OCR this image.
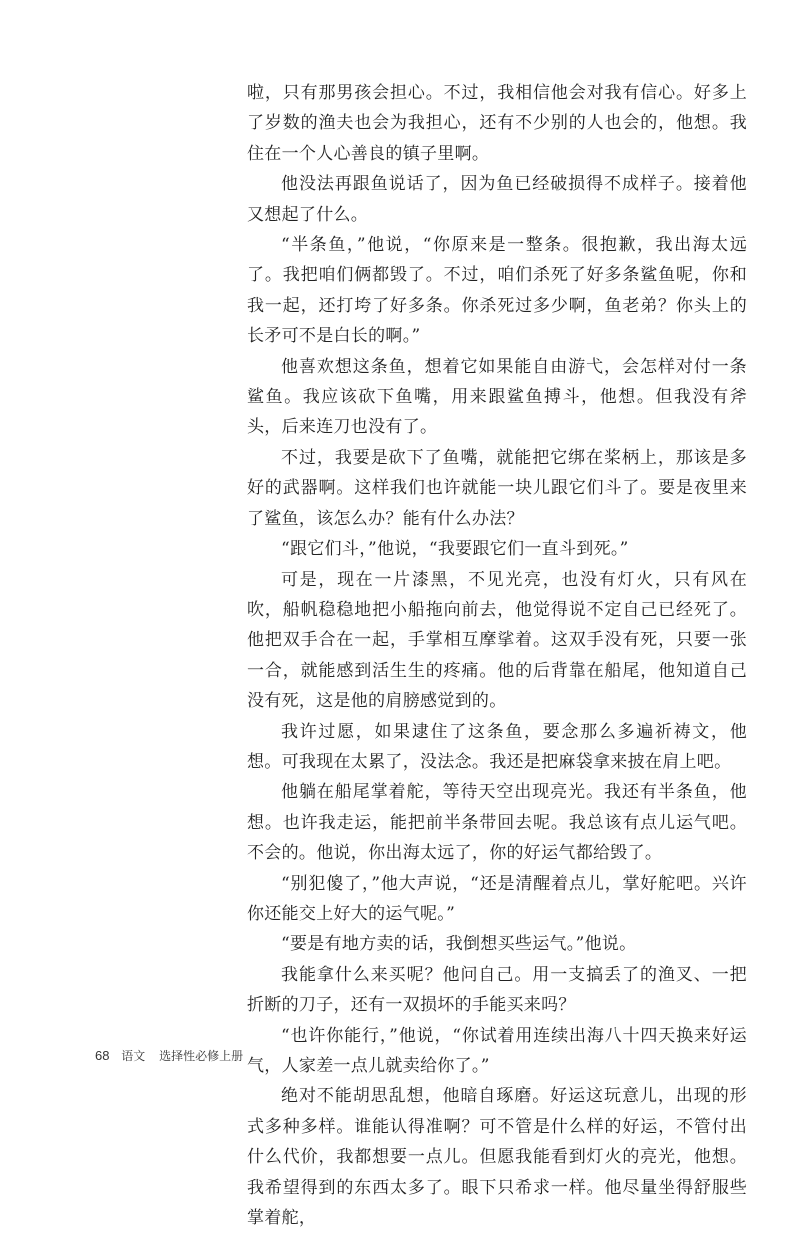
啦，只有那男孩会担心。不过，我相信他会对我有信心。好多上了岁数的渔夫也会为我担心，还有不少别的人也会的，他想。我住在一个人心善良的镇子里啊。

他没法再跟鱼说话了，因为鱼已经破损得不成样子。接着他又想起了什么。

“半条鱼，”他说，“你原来是一整条。很抱歉，我出海太远了。我把咱们俩都毁了。不过，咱们杀死了好多条鲨鱼呢，你和我一起，还打垮了好多条。你杀死过多少啊，鱼老弟？你头上的长矛可不是白长的啊。”

他喜欢想这条鱼，想着它如果能自由游弋，会怎样对付一条鲨鱼。我应该砍下鱼嘴，用来跟鲨鱼搏斗，他想。但我没有斧头，后来连刀也没有了。

不过，我要是砍下了鱼嘴，就能把它绑在桨柄上，那该是多好的武器啊。这样我们也许就能一块儿跟它们斗了。要是夜里来了鲨鱼，该怎么办？能有什么办法？

“跟它们斗，”他说，“我要跟它们一直斗到死。”

可是，现在一片漆黑，不见光亮，也没有灯火，只有风在吹，船帆稳稳地把小船拖向前去，他觉得说不定自己已经死了。他把双手合在一起，手掌相互摩挲着。这双手没有死，只要一张一合，就能感到活生生的疼痛。他的后背靠在船尾，他知道自己没有死，这是他的肩膀感觉到的。

我许过愿，如果逮住了这条鱼，要念那么多遍祈祷文，他想。可我现在太累了，没法念。我还是把麻袋拿来披在肩上吧。

他躺在船尾掌着舵，等待天空出现亮光。我还有半条鱼，他想。也许我走运，能把前半条带回去呢。我总该有点儿运气吧。不会的。他说，你出海太远了，你的好运气都给毁了。

“别犯傻了，”他大声说，“还是清醒着点儿，掌好舵吧。兴许你还能交上好大的运气呢。”

“要是有地方卖的话，我倒想买些运气。”他说。

我能拿什么来买呢？他问自己。用一支搞丢了的渔叉、一把折断的刀子，还有一双损坏的手能买来吗？

“也许你能行，”他说，“你试着用连续出海八十四天换来好运气，人家差一点儿就卖给你了。”

绝对不能胡思乱想，他暗自琢磨。好运这玩意儿，出现的形式多种多样。谁能认得准啊？可不管是什么样的好运，不管付出什么代价，我都想要一点儿。但愿我能看到灯火的亮光，他想。我希望得到的东西太多了。眼下只希求一样。他尽量坐得舒服些掌着舵，

68 语文 选择性必修上册
